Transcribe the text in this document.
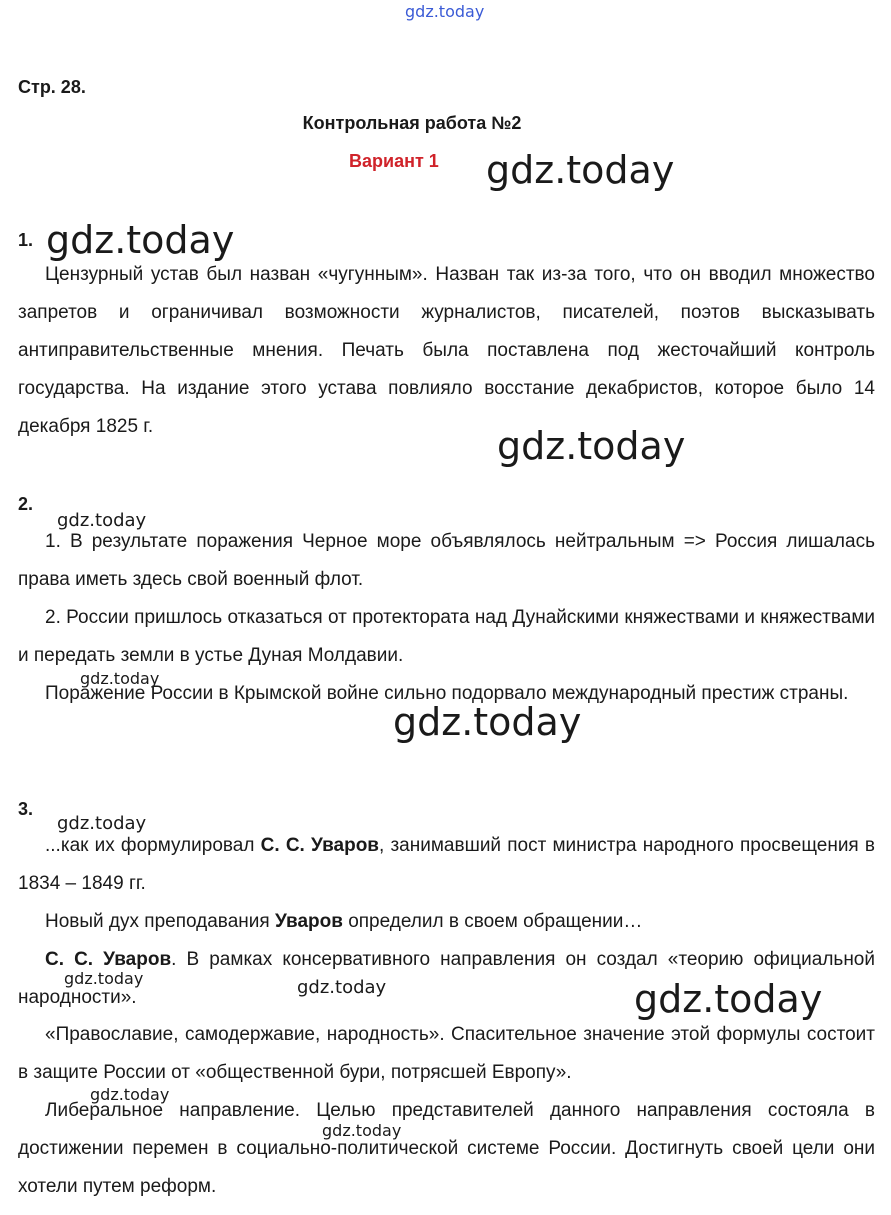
gdz.today
gdz.today
gdz.today
gdz.today
gdz.today
gdz.today
gdz.today
gdz.today
gdz.today	gdz.today	gdz.today
gdz.today
gdz.today
Стр. 28.
Контрольная работа №2
Вариант 1
1.
Цензурный устав был назван «чугунным». Назван так из-за того, что он вводил множество запретов и ограничивал возможности журналистов, писателей, поэтов высказывать антиправительственные мнения. Печать была поставлена под жесточайший контроль государства. На издание этого устава повлияло восстание декабристов, которое было 14 декабря 1825 г.
2.
1. В результате поражения Черное море объявлялось нейтральным => Россия лишалась права иметь здесь свой военный флот.
2. России пришлось отказаться от протектората над Дунайскими княжествами и княжествами и передать земли в устье Дуная Молдавии.
Поражение России в Крымской войне сильно подорвало международный престиж страны.
3.
...как их формулировал С. С. Уваров, занимавший пост министра народного просвещения в 1834 – 1849 гг.
Новый дух преподавания Уваров определил в своем обращении…
С. С. Уваров. В рамках консервативного направления он создал «теорию официальной народности».
«Православие, самодержавие, народность». Спасительное значение этой формулы состоит в защите России от «общественной бури, потрясшей Европу».
Либеральное направление. Целью представителей данного направления состояла в достижении перемен в социально-политической системе России. Достигнуть своей цели они хотели путем реформ.
